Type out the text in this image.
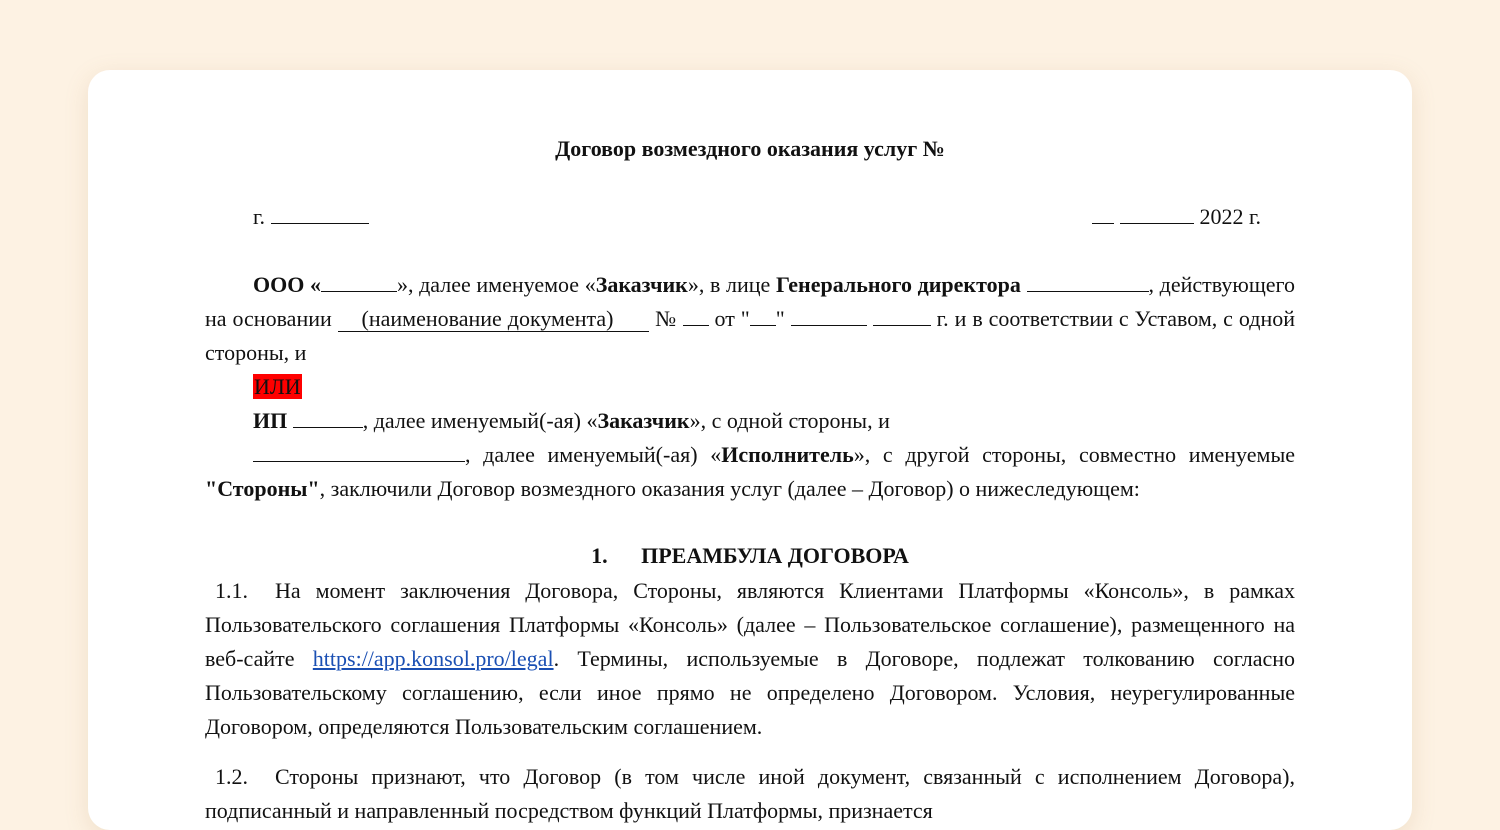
Договор возмездного оказания услуг №

г.	2022 г.

ООО «	», далее именуемое «Заказчик», в лице Генерального директора	, действующего на основании     (наименование документа) № от " "	г. и в соответствии с Уставом, с одной стороны, и

ИЛИ
ИП	, далее именуемый(-ая) «Заказчик», с одной стороны, и

, далее именуемый(-ая) «Исполнитель», с другой стороны, совместно именуемые "Стороны", заключили Договор возмездного оказания услуг (далее – Договор) о нижеследующем:

1. ПРЕАМБУЛА ДОГОВОРА

1.1. На момент заключения Договора, Стороны, являются Клиентами Платформы «Консоль», в рамках Пользовательского соглашения Платформы «Консоль» (далее – Пользовательское соглашение), размещенного на веб-сайте https://app.konsol.pro/legal. Термины, используемые в Договоре, подлежат толкованию согласно Пользовательскому соглашению, если иное прямо не определено Договором. Условия, неурегулированные Договором, определяются Пользовательским соглашением.

1.2. Стороны признают, что Договор (в том числе иной документ, связанный с исполнением Договора), подписанный и направленный посредством функций Платформы, признается
